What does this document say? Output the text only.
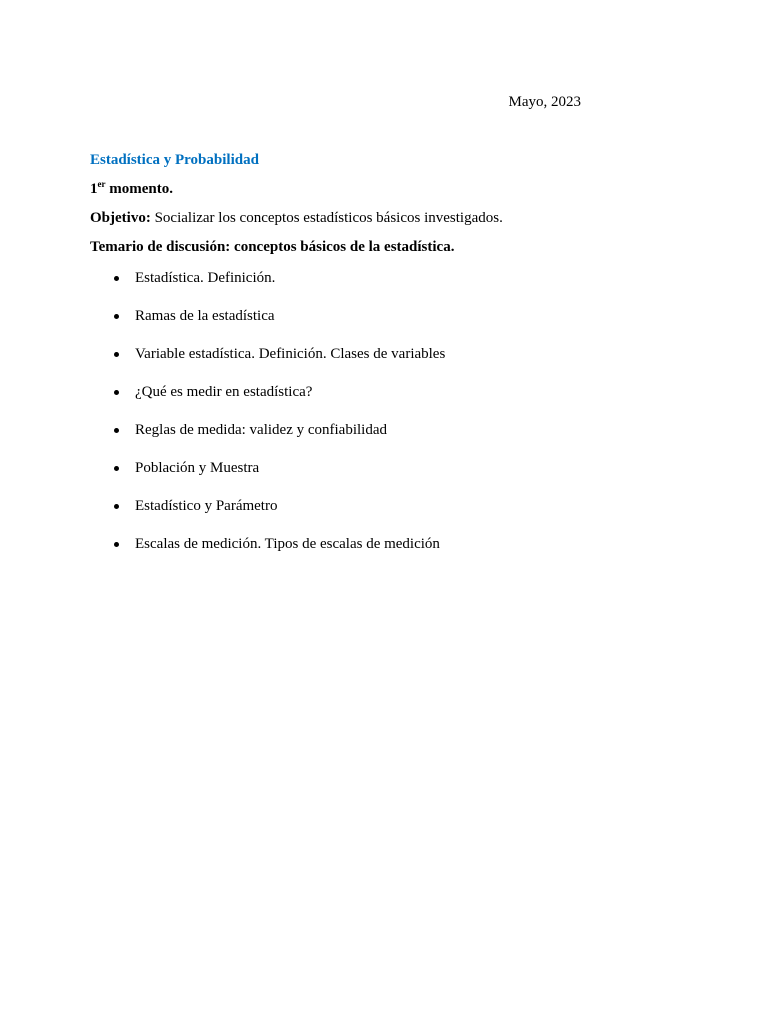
Mayo, 2023
Estadística y Probabilidad
1er momento.
Objetivo: Socializar los conceptos estadísticos básicos investigados.
Temario de discusión: conceptos básicos de la estadística.
Estadística. Definición.
Ramas de la estadística
Variable estadística. Definición. Clases de variables
¿Qué es medir en estadística?
Reglas de medida: validez y confiabilidad
Población y Muestra
Estadístico y Parámetro
Escalas de medición. Tipos de escalas de medición
